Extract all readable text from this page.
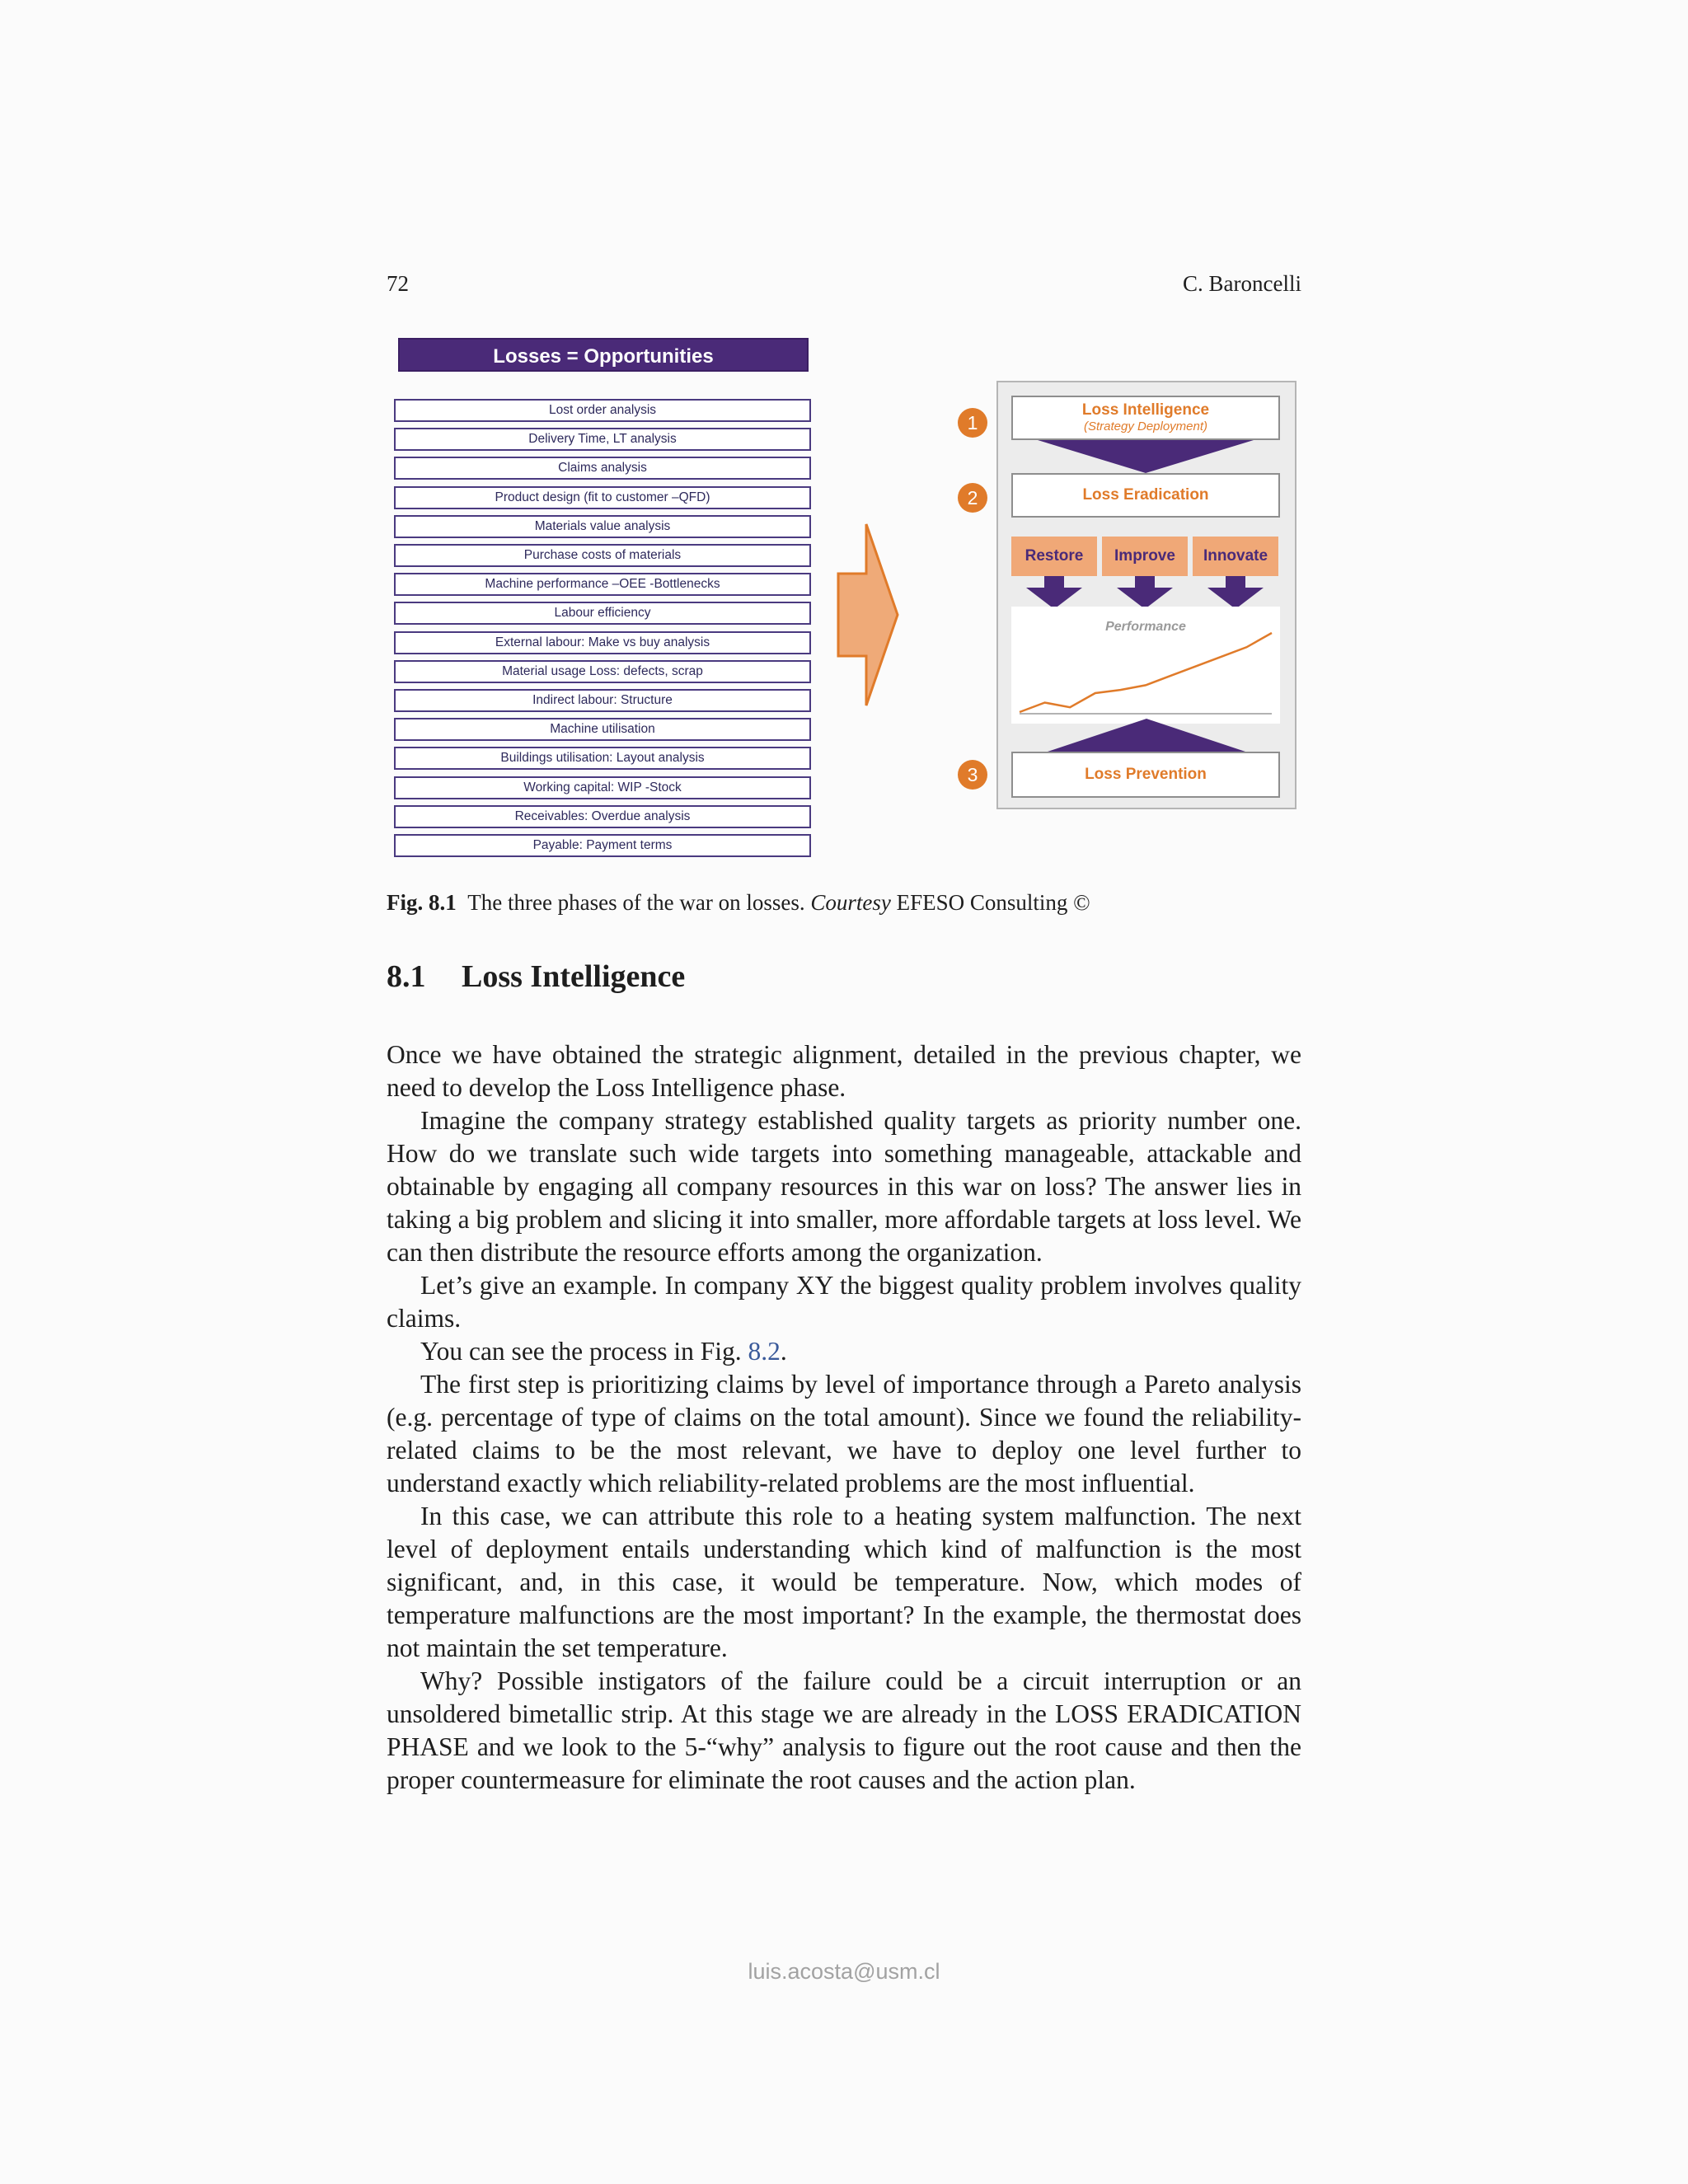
72	C. Baroncelli
Losses = Opportunities
Lost order analysis
Delivery Time, LT analysis
Claims analysis
Product design (fit to customer –QFD)
Materials value analysis
Purchase costs of materials
Machine performance –OEE -Bottlenecks
Labour efficiency
External labour: Make vs buy analysis
Material usage Loss: defects, scrap
Indirect labour: Structure
Machine utilisation
Buildings utilisation: Layout analysis
Working capital: WIP -Stock
Receivables: Overdue analysis
Payable: Payment terms
Loss Intelligence
(Strategy Deployment)
Loss Eradication
Restore	Improve	Innovate
Performance
Loss Prevention
1
2
3
Fig. 8.1 The three phases of the war on losses. Courtesy EFESO Consulting ©
8.1 Loss Intelligence

Once we have obtained the strategic alignment, detailed in the previous chapter, we need to develop the Loss Intelligence phase.

Imagine the company strategy established quality targets as priority number one. How do we translate such wide targets into something manageable, attackable and obtainable by engaging all company resources in this war on loss? The answer lies in taking a big problem and slicing it into smaller, more affordable targets at loss level. We can then distribute the resource efforts among the organization.

Let’s give an example. In company XY the biggest quality problem involves quality claims.

You can see the process in Fig. 8.2.

The first step is prioritizing claims by level of importance through a Pareto analysis (e.g. percentage of type of claims on the total amount). Since we found the reliability-related claims to be the most relevant, we have to deploy one level further to understand exactly which reliability-related problems are the most influential.

In this case, we can attribute this role to a heating system malfunction. The next level of deployment entails understanding which kind of malfunction is the most significant, and, in this case, it would be temperature. Now, which modes of temperature malfunctions are the most important? In the example, the thermostat does not maintain the set temperature.

Why? Possible instigators of the failure could be a circuit interruption or an unsoldered bimetallic strip. At this stage we are already in the LOSS ERADICATION PHASE and we look to the 5-“why” analysis to figure out the root cause and then the proper countermeasure for eliminate the root causes and the action plan.

luis.acosta@usm.cl
